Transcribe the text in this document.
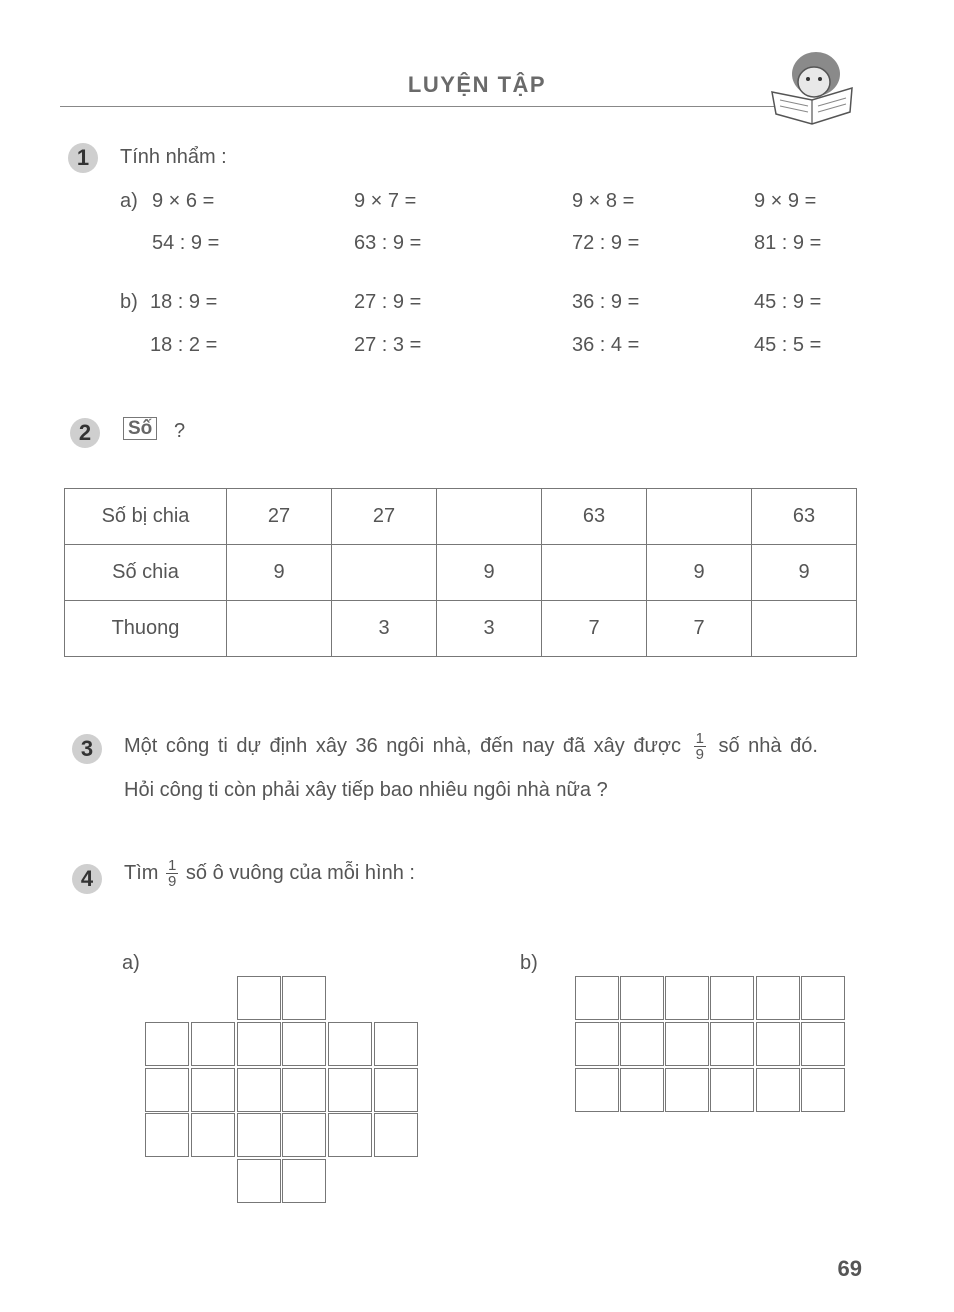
LUYỆN TẬP
1	Tính nhẩm :
a) 9 × 6 =	9 × 7 =	9 × 8 =	9 × 9 =
54 : 9 =	63 : 9 =	72 : 9 =	81 : 9 =
b) 18 : 9 =	27 : 9 =	36 : 9 =	45 : 9 =
18 : 2 =	27 : 3 =	36 : 4 =	45 : 5 =
2	Số ?
Số bị chia	27	27		63		63
Số chia	9		9		9	9
Thuong		3	3	7	7	
3	Một công ti dự định xây 36 ngôi nhà, đến nay đã xây được $\frac{1}{9}$ số nhà đó.
Hỏi công ti còn phải xây tiếp bao nhiêu ngôi nhà nữa ?
4	Tìm $\frac{1}{9}$ số ô vuông của mỗi hình :
a)	b)
69
